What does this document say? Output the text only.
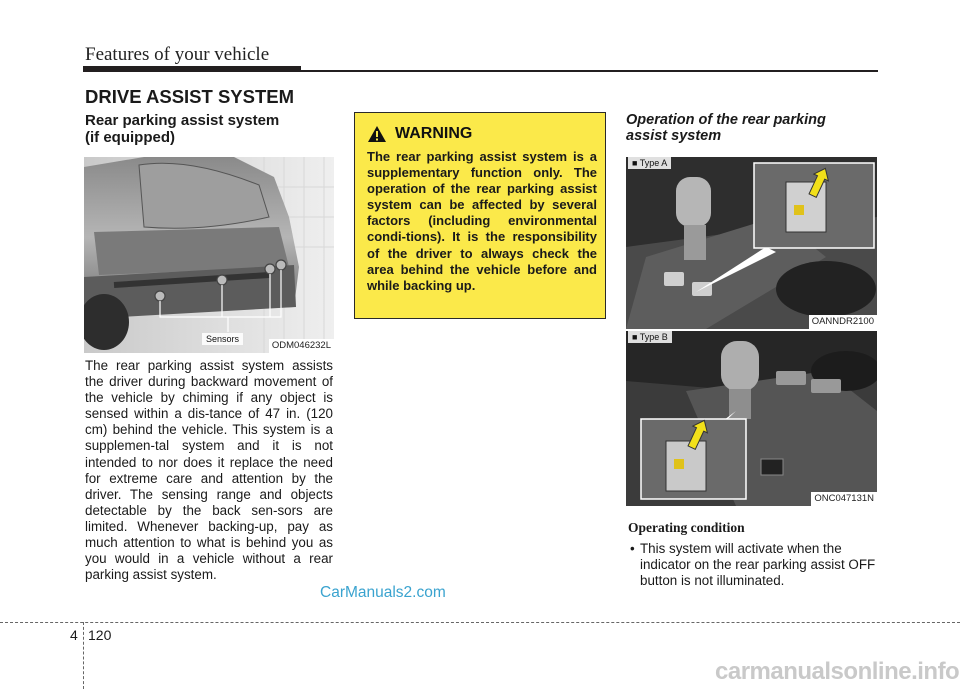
Features of your vehicle
DRIVE ASSIST SYSTEM
Rear parking assist system
(if equipped)
Sensors
ODM046232L
The rear parking assist system assists the driver during backward movement of the vehicle by chiming if any object is sensed within a dis-tance of 47 in. (120 cm) behind the vehicle. This system is a supplemen-tal system and it is not intended to nor does it replace the need for extreme care and attention by the driver. The sensing range and objects detectable by the back sen-sors are limited. Whenever backing-up, pay as much attention to what is behind you as you would in a vehicle without a rear parking assist system.
WARNING
The rear parking assist system is a supplementary function only. The operation of the rear parking assist system can be affected by several factors (including environmental condi-tions). It is the responsibility of the driver to always check the area behind the vehicle before and while backing up.
Operation of the rear parking
assist system
■ Type A
OANNDR2100
■ Type B
ONC047131N
Operating condition
• This system will activate when the indicator on the rear parking assist OFF button is not illuminated.
4 120
CarManuals2.com
carmanualsonline.info
